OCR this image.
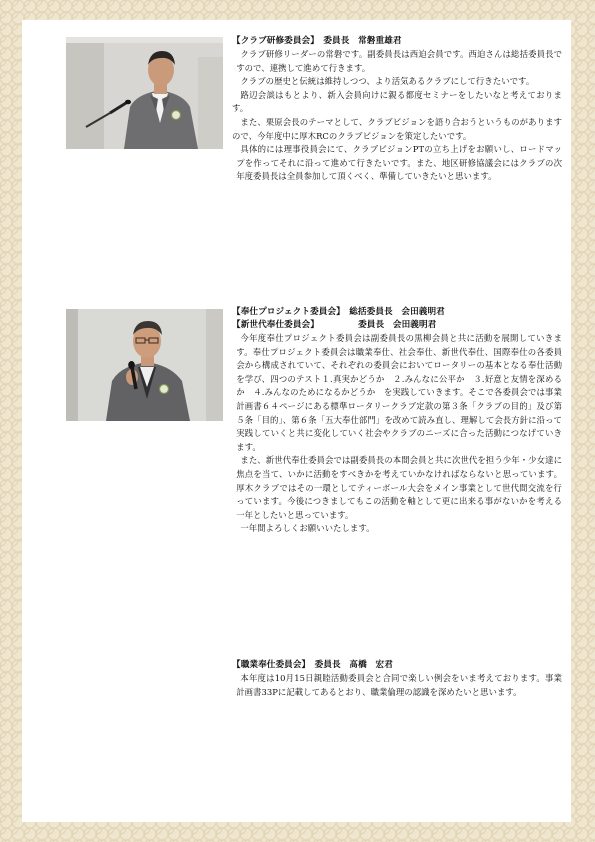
【クラブ研修委員会】　委員長　常磐重雄君

クラブ研修リーダーの常磐です。副委員長は西迫会員です。西迫さんは総括委員長ですので、連携して進めて行きます。

クラブの歴史と伝統は維持しつつ、より活気あるクラブにして行きたいです。

路辺会談はもとより、新入会員向けに親る都度セミナーをしたいなと考えております。

また、栗原会長のテーマとして、クラブビジョンを語り合おうというものがありますので、今年度中に厚木RCのクラブビジョンを策定したいです。

具体的には理事役員会にて、クラブビジョンPTの立ち上げをお願いし、ロードマップを作ってそれに沿って進めて行きたいです。また、地区研修協議会にはクラブの次年度委員長は全員参加して頂くべく、準備していきたいと思います。

【奉仕プロジェクト委員会】　総括委員長　会田義明君
【新世代奉仕委員会】　　　　　委員長　会田義明君

今年度奉仕プロジェクト委員会は副委員長の黒柳会員と共に活動を展開していきます。奉仕プロジェクト委員会は職業奉仕、社会奉仕、新世代奉仕、国際奉仕の各委員会から構成されていて、それぞれの委員会においてロータリーの基本となる奉仕活動を学び、四つのテスト１.真実かどうか　２.みんなに公平か　３.好意と友情を深めるか　４.みんなのためになるかどうか　を実践していきます。そこで各委員会では事業計画書６４ページにある標準ロータリークラブ定款の第３条「クラブの目的」及び第５条「目的」、第６条「五大奉仕部門」を改めて読み直し、理解して会長方針に沿って実践していくと共に変化していく社会やクラブのニーズに合った活動につなげていきます。

また、新世代奉仕委員会では副委員長の本間会員と共に次世代を担う少年・少女達に焦点を当て、いかに活動をすべきかを考えていかなければならないと思っています。厚木クラブではその一環としてティーボール大会をメイン事業として世代間交流を行っています。今後につきましてもこの活動を軸として更に出来る事がないかを考える一年としたいと思っています。

一年間よろしくお願いいたします。

【職業奉仕委員会】　委員長　髙橋　宏君

本年度は10月15日親睦活動委員会と合同で楽しい例会をいま考えております。事業計画書33Pに記載してあるとおり、職業倫理の認識を深めたいと思います。
